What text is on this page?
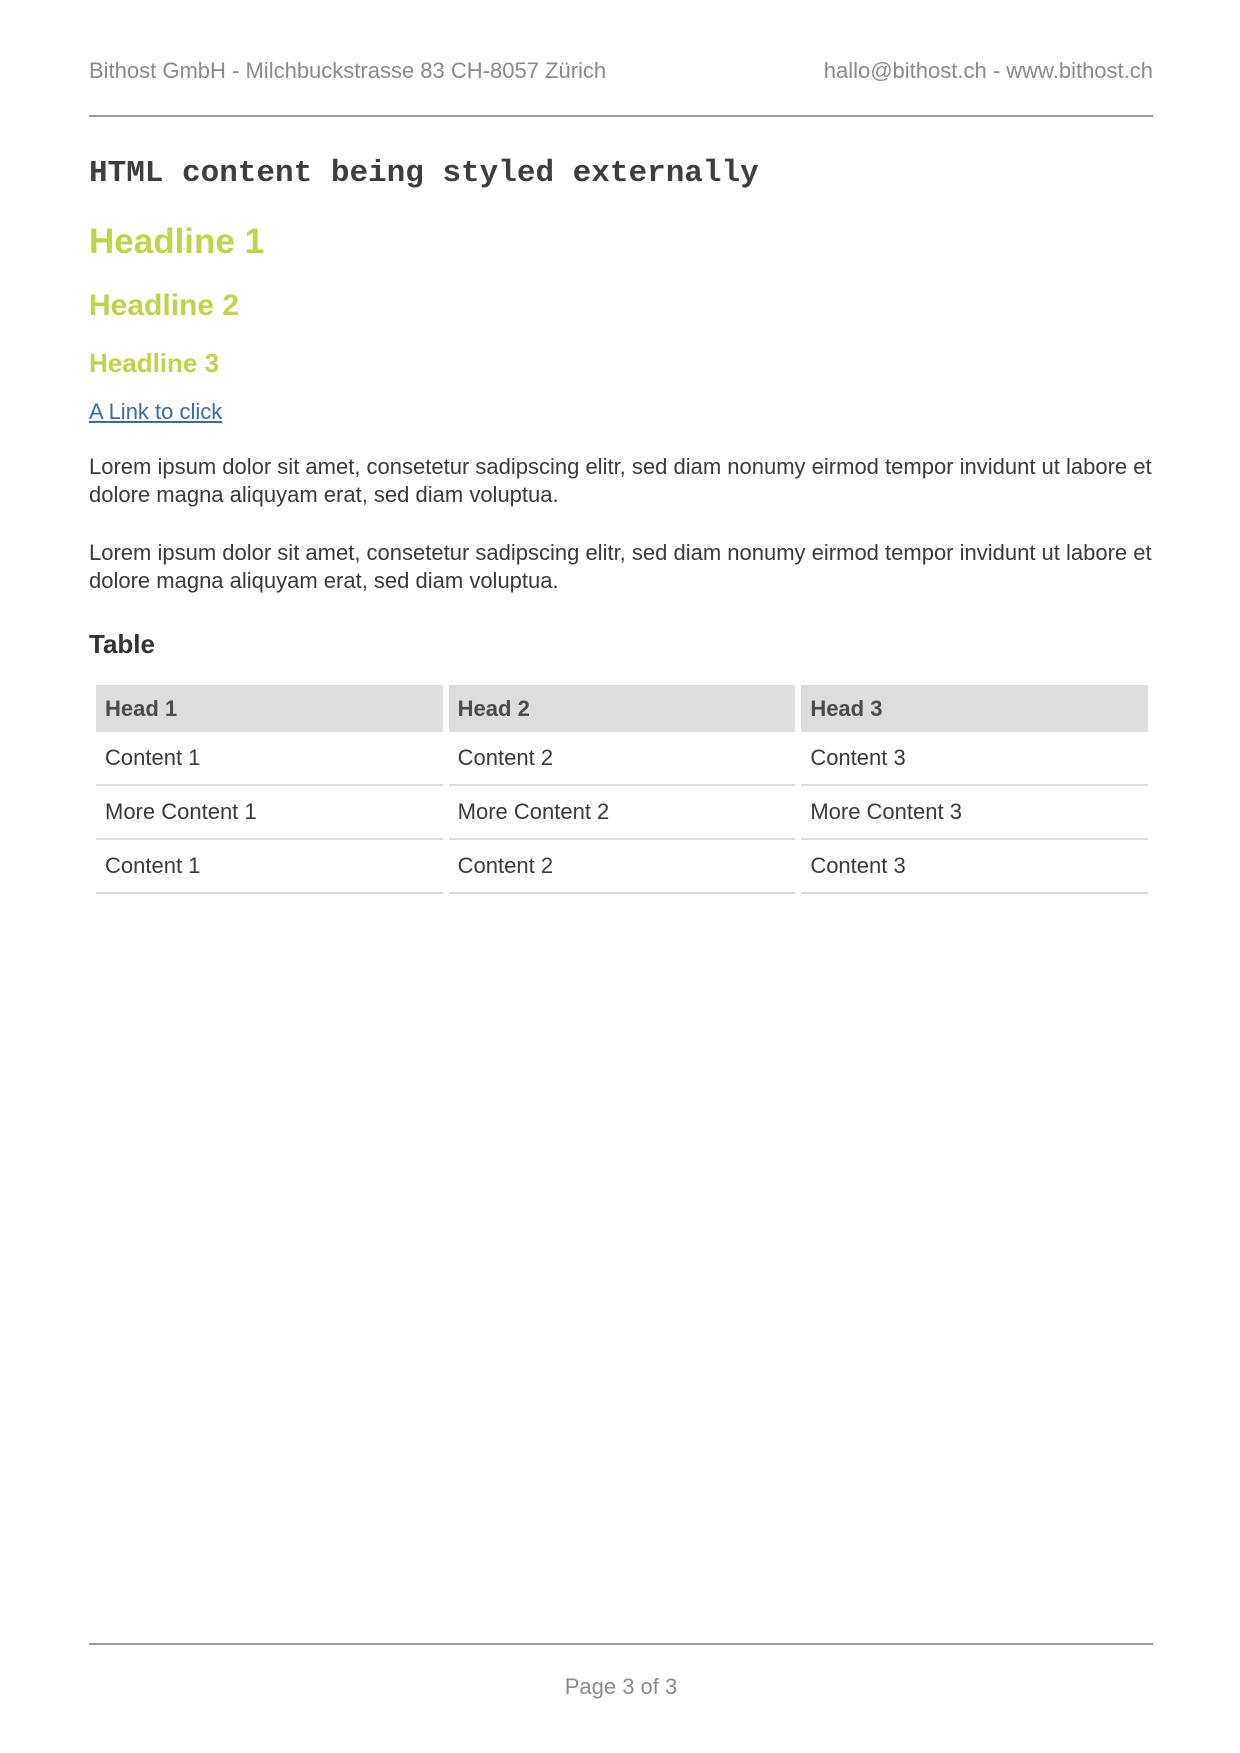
Bithost GmbH - Milchbuckstrasse 83 CH-8057 Zürich	hallo@bithost.ch - www.bithost.ch
HTML content being styled externally
Headline 1
Headline 2
Headline 3
A Link to click

Lorem ipsum dolor sit amet, consetetur sadipscing elitr, sed diam nonumy eirmod tempor invidunt ut labore et dolore magna aliquyam erat, sed diam voluptua.

Lorem ipsum dolor sit amet, consetetur sadipscing elitr, sed diam nonumy eirmod tempor invidunt ut labore et dolore magna aliquyam erat, sed diam voluptua.

Table
Head 1	Head 2	Head 3
Content 1	Content 2	Content 3
More Content 1	More Content 2	More Content 3
Content 1	Content 2	Content 3
Page 3 of 3
